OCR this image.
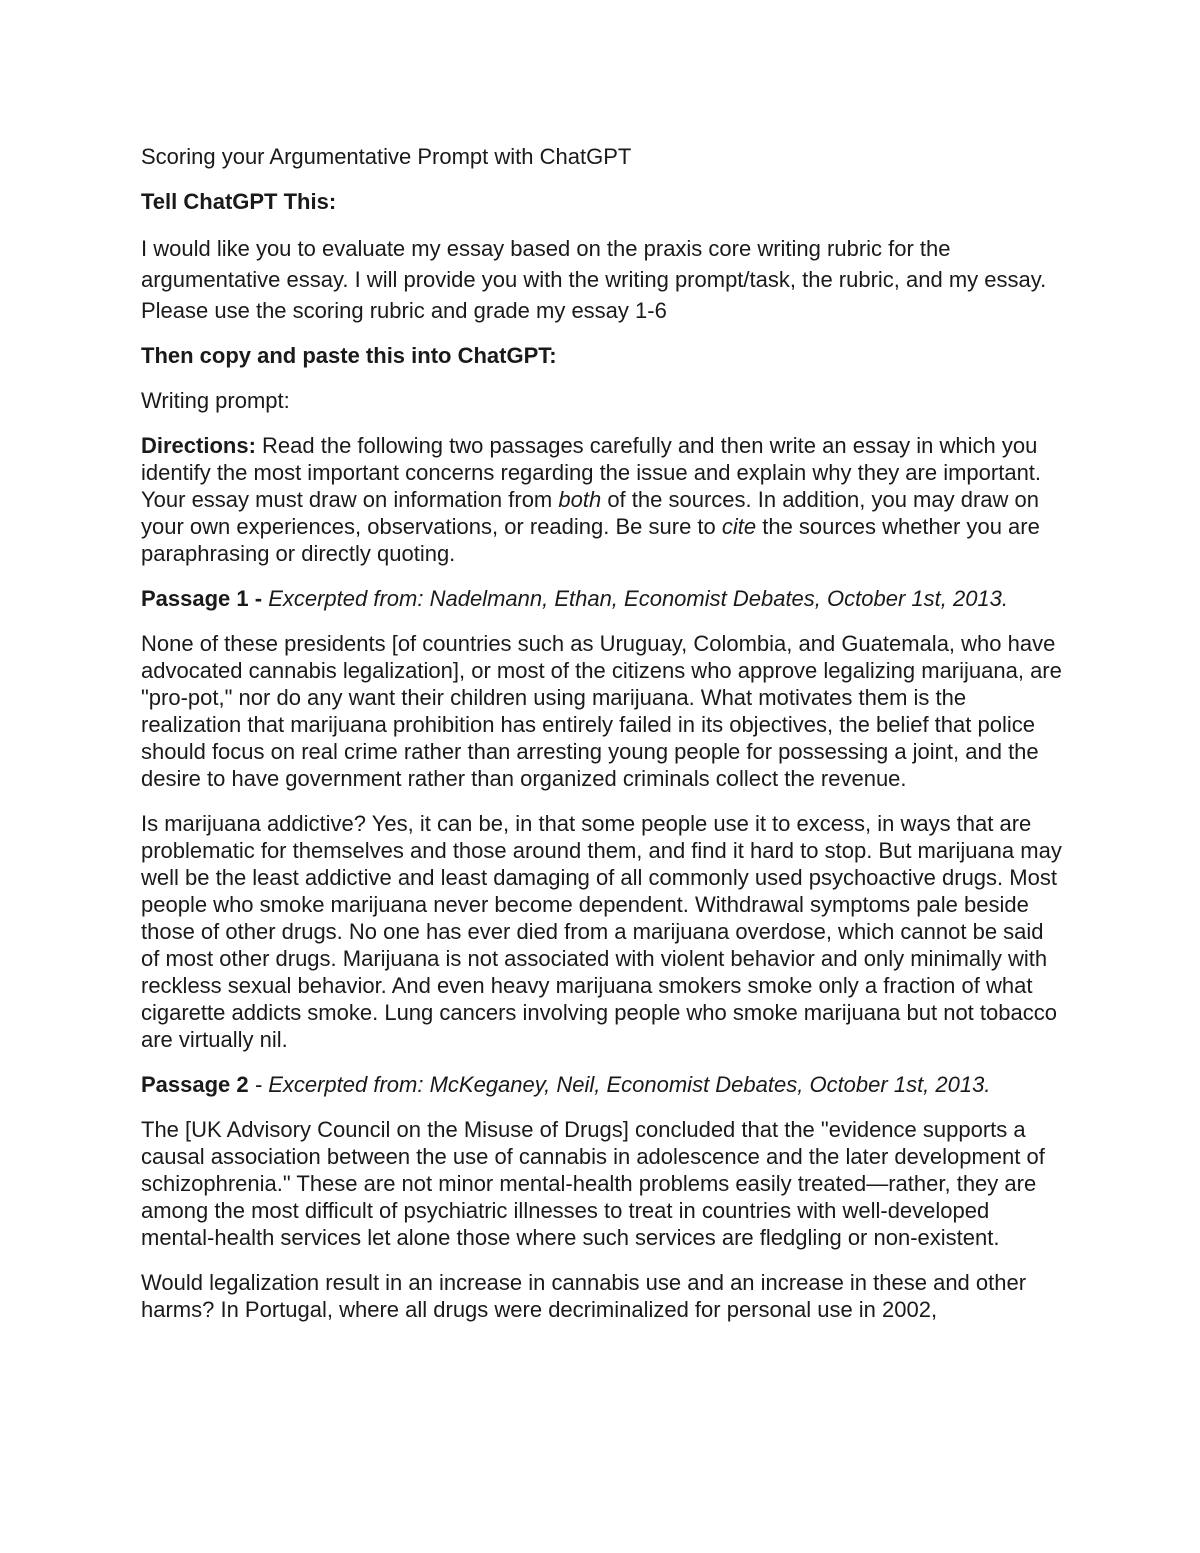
Scoring your Argumentative Prompt with ChatGPT

Tell ChatGPT This:

I would like you to evaluate my essay based on the praxis core writing rubric for the argumentative essay. I will provide you with the writing prompt/task, the rubric, and my essay. Please use the scoring rubric and grade my essay 1-6

Then copy and paste this into ChatGPT:

Writing prompt:

Directions: Read the following two passages carefully and then write an essay in which you identify the most important concerns regarding the issue and explain why they are important. Your essay must draw on information from both of the sources. In addition, you may draw on your own experiences, observations, or reading. Be sure to cite the sources whether you are paraphrasing or directly quoting.

Passage 1 - Excerpted from: Nadelmann, Ethan, Economist Debates, October 1st, 2013.

None of these presidents [of countries such as Uruguay, Colombia, and Guatemala, who have advocated cannabis legalization], or most of the citizens who approve legalizing marijuana, are "pro-pot," nor do any want their children using marijuana. What motivates them is the realization that marijuana prohibition has entirely failed in its objectives, the belief that police should focus on real crime rather than arresting young people for possessing a joint, and the desire to have government rather than organized criminals collect the revenue.

Is marijuana addictive? Yes, it can be, in that some people use it to excess, in ways that are problematic for themselves and those around them, and find it hard to stop. But marijuana may well be the least addictive and least damaging of all commonly used psychoactive drugs. Most people who smoke marijuana never become dependent. Withdrawal symptoms pale beside those of other drugs. No one has ever died from a marijuana overdose, which cannot be said of most other drugs. Marijuana is not associated with violent behavior and only minimally with reckless sexual behavior. And even heavy marijuana smokers smoke only a fraction of what cigarette addicts smoke. Lung cancers involving people who smoke marijuana but not tobacco are virtually nil.

Passage 2 - Excerpted from: McKeganey, Neil, Economist Debates, October 1st, 2013.

The [UK Advisory Council on the Misuse of Drugs] concluded that the "evidence supports a causal association between the use of cannabis in adolescence and the later development of schizophrenia." These are not minor mental-health problems easily treated—rather, they are among the most difficult of psychiatric illnesses to treat in countries with well-developed mental-health services let alone those where such services are fledgling or non-existent.

Would legalization result in an increase in cannabis use and an increase in these and other harms? In Portugal, where all drugs were decriminalized for personal use in 2002,
